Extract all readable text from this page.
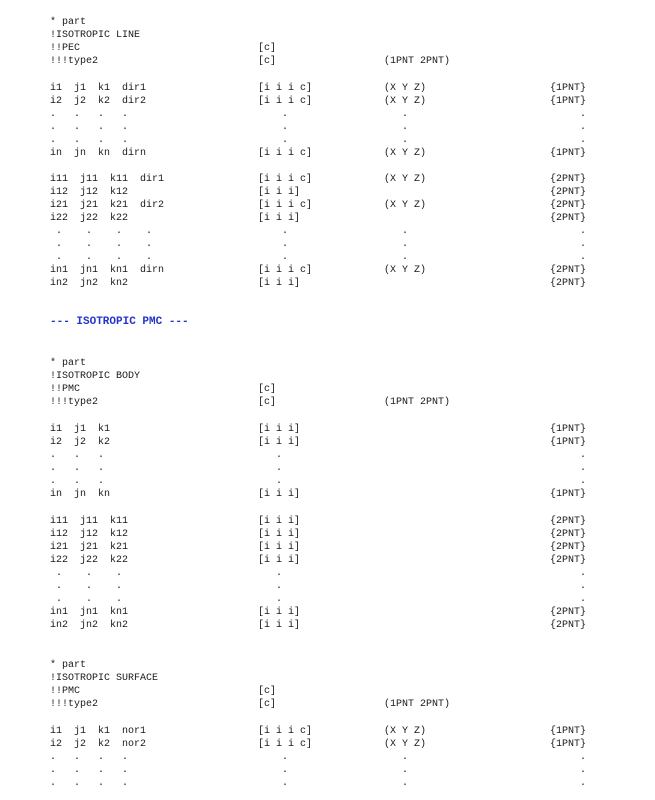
--- ISOTROPIC PMC ---
* part
!ISOTROPIC LINE
!!PEC	[c]
!!!type2	[c]	(1PNT 2PNT)
i1  j1  k1  dir1	[i i i c]	(X Y Z)	{1PNT}
i2  j2  k2  dir2	[i i i c]	(X Y Z)	{1PNT}
.   .   .   .	.	.	.
.   .   .   .	.	.	.
.   .   .   .	.	.	.
in  jn  kn  dirn	[i i i c]	(X Y Z)	{1PNT}
i11  j11  k11  dir1	[i i i c]	(X Y Z)	{2PNT}
i12  j12  k12	[i i i]	{2PNT}
i21  j21  k21  dir2	[i i i c]	(X Y Z)	{2PNT}
i22  j22  k22	[i i i]	{2PNT}
.    .    .    .	.	.	.
.    .    .    .	.	.	.
.    .    .    .	.	.	.
in1  jn1  kn1  dirn	[i i i c]	(X Y Z)	{2PNT}
in2  jn2  kn2	[i i i]	{2PNT}
* part
!ISOTROPIC BODY
!!PMC	[c]
!!!type2	[c]	(1PNT 2PNT)
i1  j1  k1	[i i i]	{1PNT}
i2  j2  k2	[i i i]	{1PNT}
.   .   .	.	.
.   .   .	.	.
.   .   .	.	.
in  jn  kn	[i i i]	{1PNT}
i11  j11  k11	[i i i]	{2PNT}
i12  j12  k12	[i i i]	{2PNT}
i21  j21  k21	[i i i]	{2PNT}
i22  j22  k22	[i i i]	{2PNT}
.    .    .	.	.
.    .    .	.	.
.    .    .	.	.
in1  jn1  kn1	[i i i]	{2PNT}
in2  jn2  kn2	[i i i]	{2PNT}
* part
!ISOTROPIC SURFACE
!!PMC	[c]
!!!type2	[c]	(1PNT 2PNT)
i1  j1  k1  nor1	[i i i c]	(X Y Z)	{1PNT}
i2  j2  k2  nor2	[i i i c]	(X Y Z)	{1PNT}
.   .   .   .	.	.	.
.   .   .   .	.	.	.
.   .   .   .	.	.	.
